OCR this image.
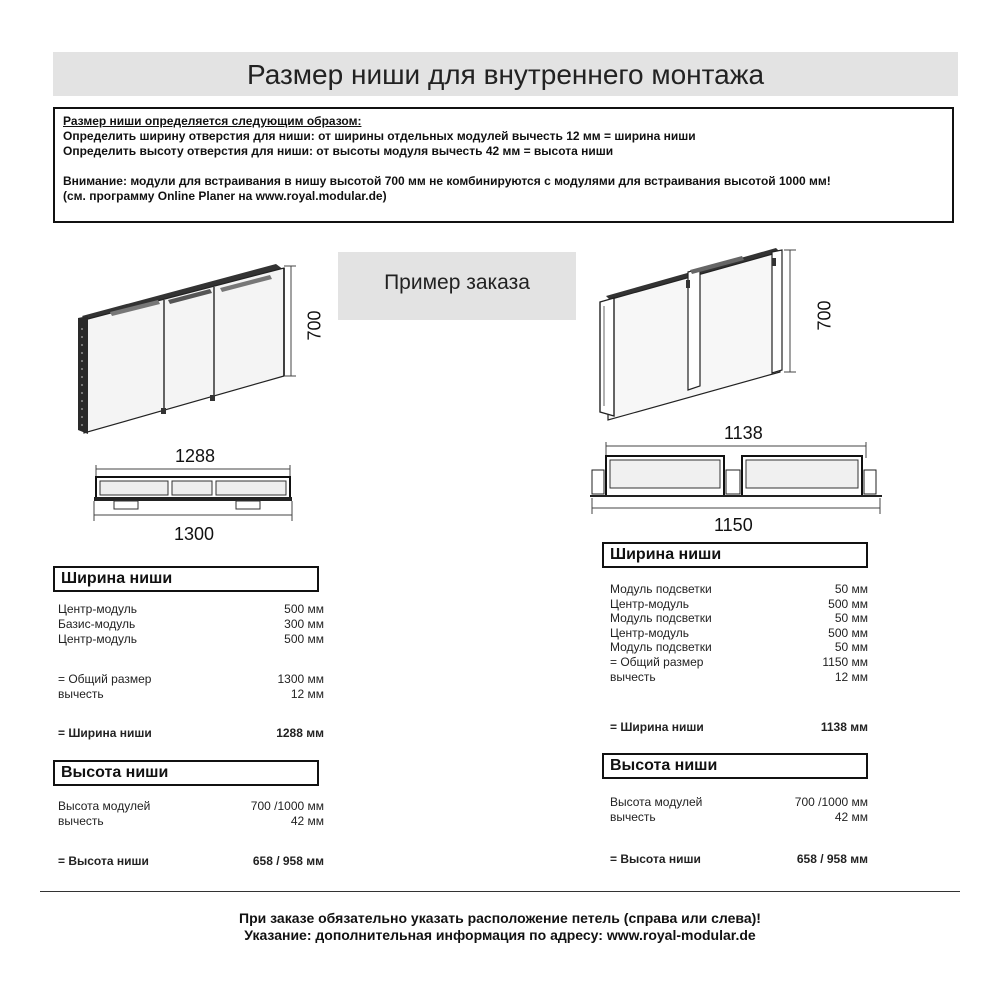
Размер ниши для внутреннего монтажа
Размер ниши определяется следующим образом:
Определить ширину отверстия для ниши: от ширины отдельных модулей вычесть 12 мм = ширина ниши
Определить высоту отверстия для ниши: от высоты модуля вычесть 42 мм = высота ниши
Внимание: модули для встраивания в нишу высотой 700 мм не комбинируются с модулями для встраивания высотой 1000 мм!
(см. программу Online Planer на www.royal.modular.de)
Пример заказа
700
1288
1300
700
1138
1150
Ширина ниши
Центр-модуль	500 мм
Базис-модуль	300 мм
Центр-модуль	500 мм
= Общий размер	1300 мм
вычесть	12 мм
= Ширина ниши	1288 мм
Высота ниши
Высота модулей	700 /1000 мм
вычесть	42 мм
= Высота ниши	658 / 958 мм
Ширина ниши
Модуль подсветки	50 мм
Центр-модуль	500 мм
Модуль подсветки	50 мм
Центр-модуль	500 мм
Модуль подсветки	50 мм
= Общий размер	1150 мм
вычесть	12 мм
= Ширина ниши	1138 мм
Высота ниши
Высота модулей	700 /1000 мм
вычесть	42 мм
= Высота ниши	658 / 958 мм
При заказе обязательно указать расположение петель (справа или слева)!
Указание: дополнительная информация по адресу: www.royal-modular.de
